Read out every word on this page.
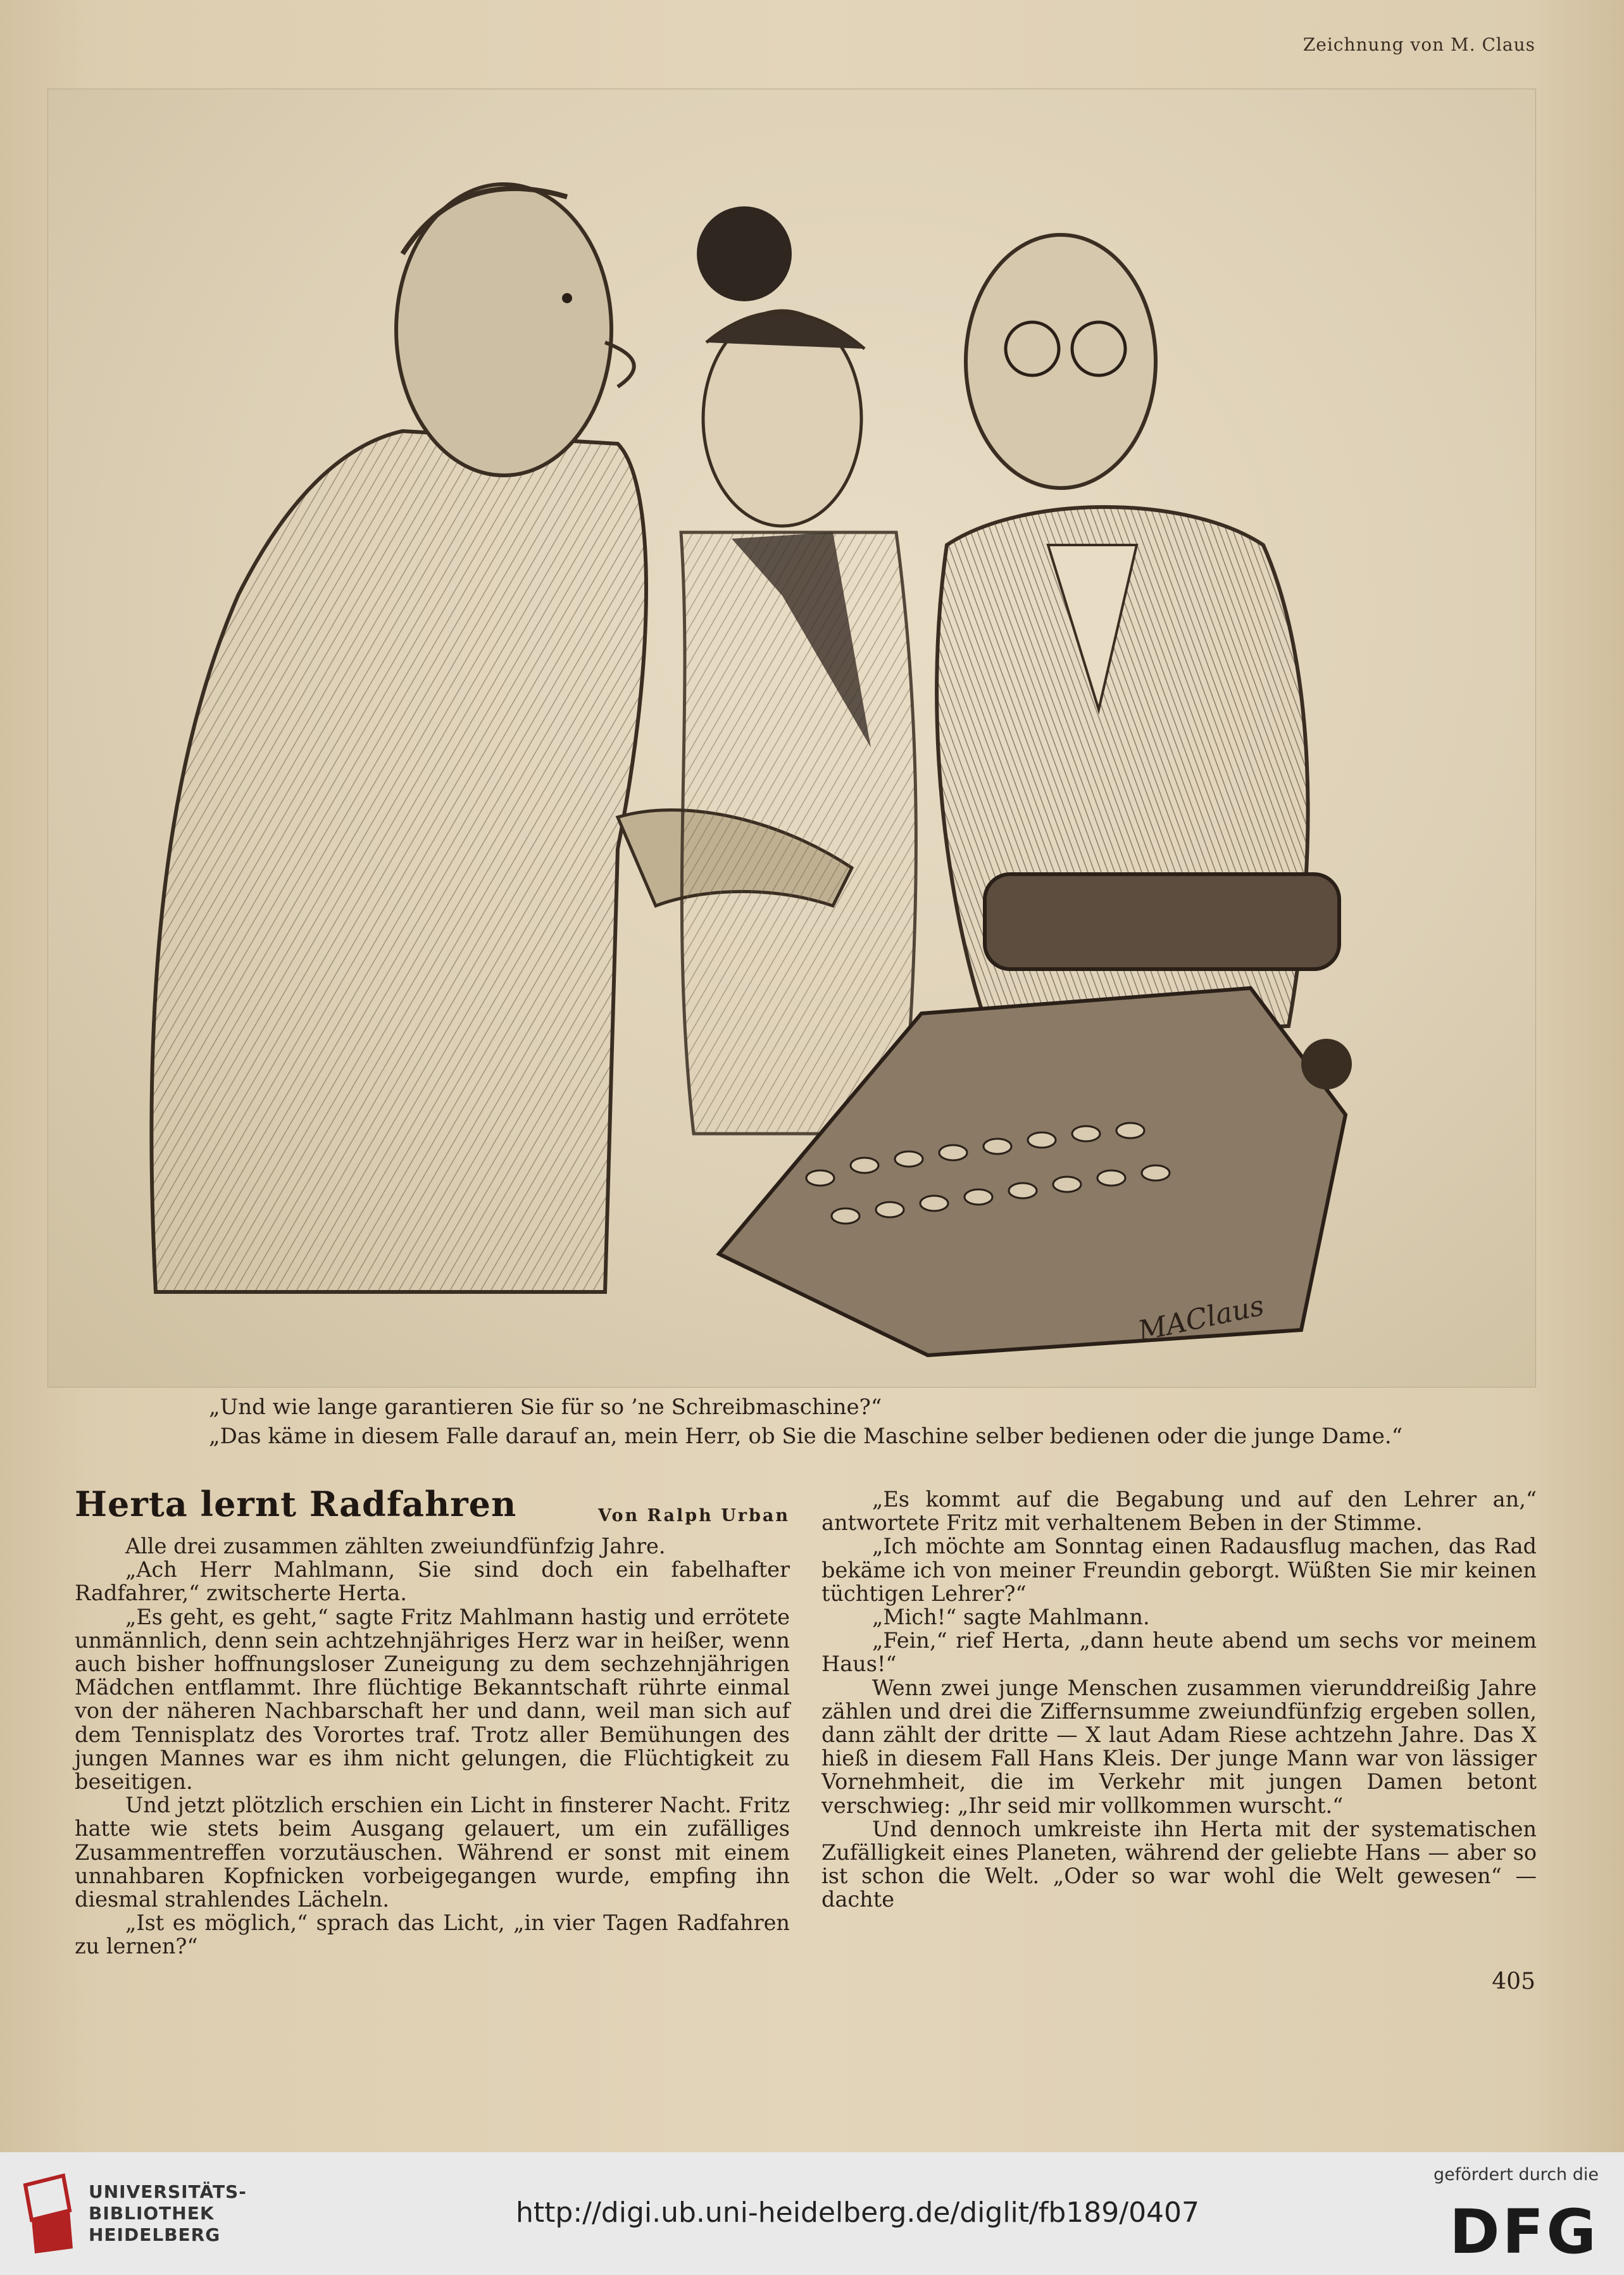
Zeichnung von M. Claus
MAClaus
„Und wie lange garantieren Sie für so ’ne Schreibmaschine?“
„Das käme in diesem Falle darauf an, mein Herr, ob Sie die Maschine selber bedienen oder die junge Dame.“
Herta lernt Radfahren	Von Ralph Urban

Alle drei zusammen zählten zweiundfünfzig Jahre.

„Ach Herr Mahlmann, Sie sind doch ein fabelhafter Radfahrer,“ zwitscherte Herta.

„Es geht, es geht,“ sagte Fritz Mahlmann hastig und errötete unmännlich, denn sein achtzehnjähriges Herz war in heißer, wenn auch bisher hoffnungsloser Zuneigung zu dem sechzehnjährigen Mädchen entflammt. Ihre flüchtige Bekanntschaft rührte einmal von der näheren Nachbarschaft her und dann, weil man sich auf dem Tennisplatz des Vorortes traf. Trotz aller Bemühungen des jungen Mannes war es ihm nicht gelungen, die Flüchtigkeit zu beseitigen.

Und jetzt plötzlich erschien ein Licht in finsterer Nacht. Fritz hatte wie stets beim Ausgang gelauert, um ein zufälliges Zusammentreffen vorzutäuschen. Während er sonst mit einem unnahbaren Kopfnicken vorbeigegangen wurde, empfing ihn diesmal strahlendes Lächeln.

„Ist es möglich,“ sprach das Licht, „in vier Tagen Radfahren zu lernen?“

„Es kommt auf die Begabung und auf den Lehrer an,“ antwortete Fritz mit verhaltenem Beben in der Stimme.

„Ich möchte am Sonntag einen Radausflug machen, das Rad bekäme ich von meiner Freundin geborgt. Wüßten Sie mir keinen tüchtigen Lehrer?“

„Mich!“ sagte Mahlmann.

„Fein,“ rief Herta, „dann heute abend um sechs vor meinem Haus!“

Wenn zwei junge Menschen zusammen vierunddreißig Jahre zählen und drei die Ziffernsumme zweiundfünfzig ergeben sollen, dann zählt der dritte — X laut Adam Riese achtzehn Jahre. Das X hieß in diesem Fall Hans Kleis. Der junge Mann war von lässiger Vornehmheit, die im Verkehr mit jungen Damen betont verschwieg: „Ihr seid mir vollkommen wurscht.“

Und dennoch umkreiste ihn Herta mit der systematischen Zufälligkeit eines Planeten, während der geliebte Hans — aber so ist schon die Welt. „Oder so war wohl die Welt gewesen“ — dachte

405
UNIVERSITÄTS-
BIBLIOTHEK
HEIDELBERG
http://digi.ub.uni-heidelberg.de/diglit/fb189/0407
gefördert durch die
DFG
